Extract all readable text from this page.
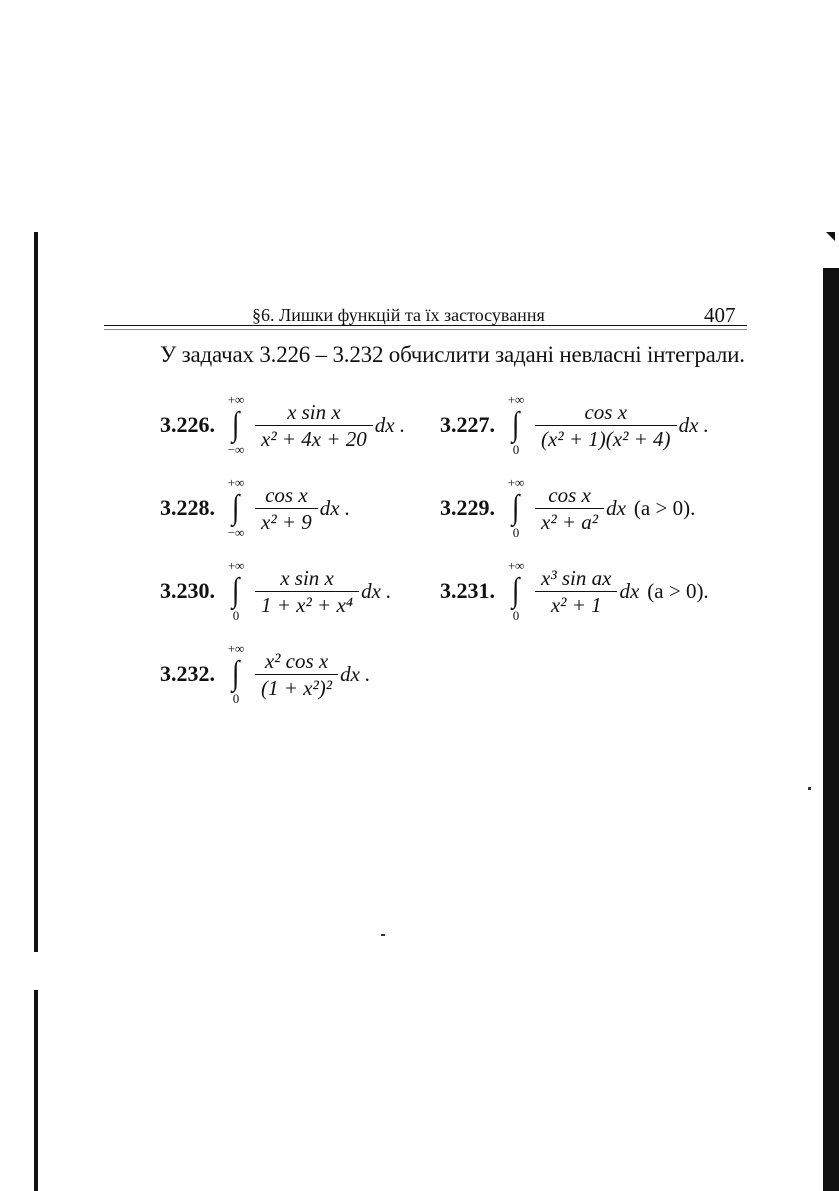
§6. Лишки функцій та їх застосування	407
У задачах 3.226 – 3.232 обчислити задані невласні інтеграли.
3.226.
+∞
∫
−∞ $\frac{\text{x sin x}}{\text{x² + 4x + 20}}$ dx . 3.227.
+∞
∫
$0 \frac{\text{cos x}}{\text{(x² + 1)(x² + 4)}}$ dx .
3.228.
+∞
∫
−∞ $\frac{\text{cos x}}{\text{x² + 9}}$ dx .	3.229.
+∞
∫
$0 \frac{\text{cos x}}{\text{x² + a²}}$ dx (a > 0).
3.230.
+∞
∫
$0 \frac{\text{x sin x}}{\text{1 + x² + x⁴}}$ dx . 3.231.
+∞
∫
$0 \frac{\text{x³ sin ax}}{\text{x² + 1}}$ dx (a > 0).
3.232.
+∞
∫
$0 \frac{\text{x² cos x}}{\text{(1 + x²)²}}$ dx .
